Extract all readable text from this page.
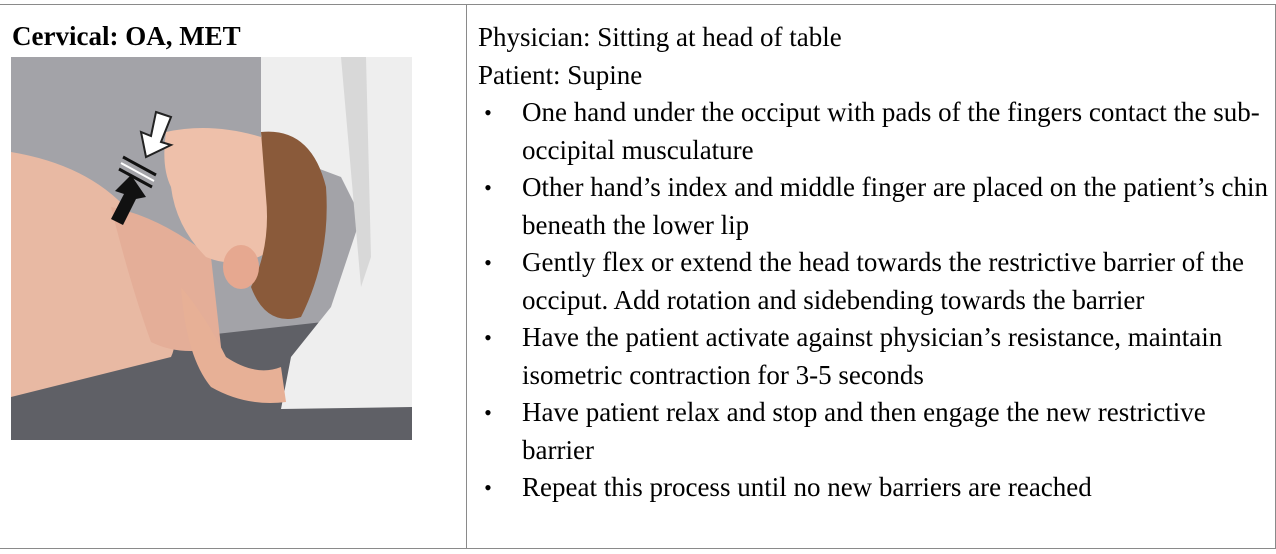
Cervical: OA, MET	Physician: Sitting at head of table
Patient: Supine
• One hand under the occiput with pads of the fingers contact the sub-occipital musculature
• Other hand’s index and middle finger are placed on the patient’s chin beneath the lower lip
• Gently flex or extend the head towards the restrictive barrier of the occiput. Add rotation and sidebending towards the barrier
• Have the patient activate against physician’s resistance, maintain isometric contraction for 3-5 seconds
• Have patient relax and stop and then engage the new restrictive barrier
• Repeat this process until no new barriers are reached
